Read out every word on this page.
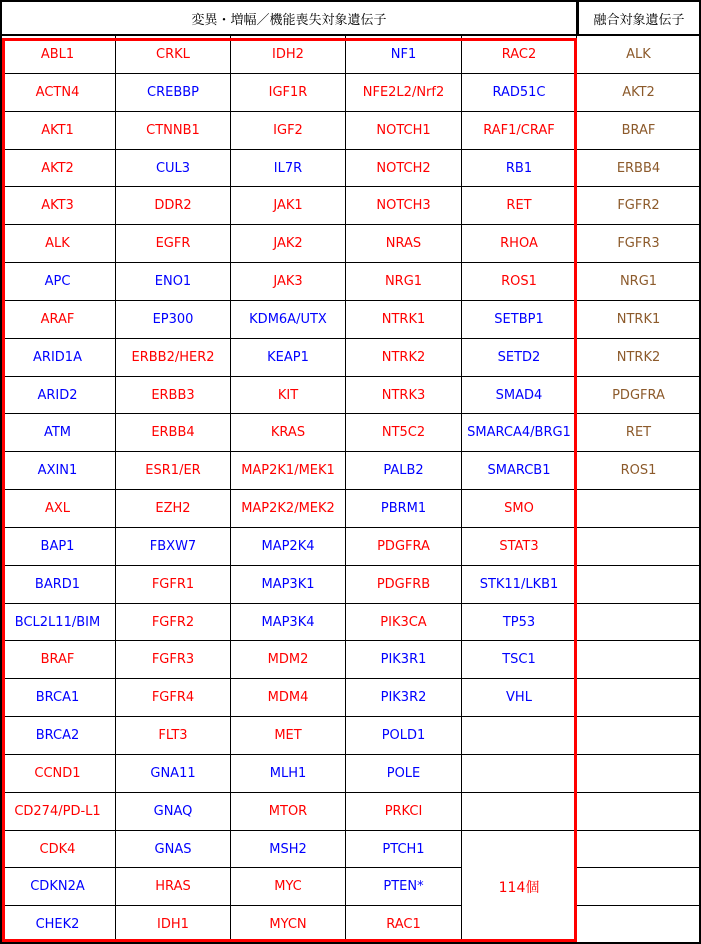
変異・増幅／機能喪失対象遺伝子	融合対象遺伝子
ABL1
ACTN4
AKT1
AKT2
AKT3
ALK
APC
ARAF
ARID1A
ARID2
ATM
AXIN1
AXL
BAP1
BARD1
BCL2L11/BIM
BRAF
BRCA1
BRCA2
CCND1
CD274/PD-L1
CDK4
CDKN2A
CHEK2
CRKL
CREBBP
CTNNB1
CUL3
DDR2
EGFR
ENO1
EP300
ERBB2/HER2
ERBB3
ERBB4
ESR1/ER
EZH2
FBXW7
FGFR1
FGFR2
FGFR3
FGFR4
FLT3
GNA11
GNAQ
GNAS
HRAS
IDH1
IDH2
IGF1R
IGF2
IL7R
JAK1
JAK2
JAK3
KDM6A/UTX
KEAP1
KIT
KRAS
MAP2K1/MEK1
MAP2K2/MEK2
MAP2K4
MAP3K1
MAP3K4
MDM2
MDM4
MET
MLH1
MTOR
MSH2
MYC
MYCN
NF1
NFE2L2/Nrf2
NOTCH1
NOTCH2
NOTCH3
NRAS
NRG1
NTRK1
NTRK2
NTRK3
NT5C2
PALB2
PBRM1
PDGFRA
PDGFRB
PIK3CA
PIK3R1
PIK3R2
POLD1
POLE
PRKCI
PTCH1
PTEN*
RAC1
RAC2
RAD51C
RAF1/CRAF
RB1
RET
RHOA
ROS1
SETBP1
SETD2
SMAD4
SMARCA4/BRG1
SMARCB1
SMO
STAT3
STK11/LKB1
TP53
TSC1
VHL
114個
ALK
AKT2
BRAF
ERBB4
FGFR2
FGFR3
NRG1
NTRK1
NTRK2
PDGFRA
RET
ROS1
